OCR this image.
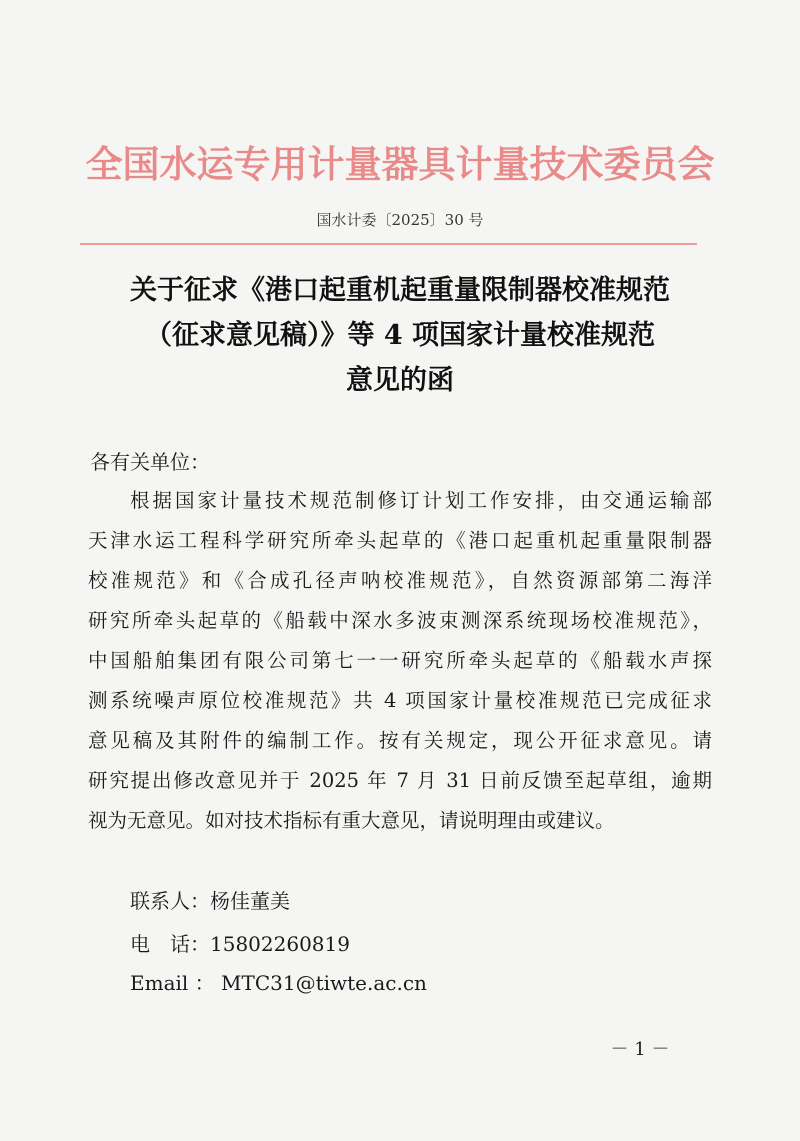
全国水运专用计量器具计量技术委员会
国水计委〔2025〕30 号
关于征求《港口起重机起重量限制器校准规范
（征求意见稿）》等 4 项国家计量校准规范
意见的函
各有关单位：
根据国家计量技术规范制修订计划工作安排，由交通运输部
天津水运工程科学研究所牵头起草的《港口起重机起重量限制器
校准规范》和《合成孔径声呐校准规范》，自然资源部第二海洋
研究所牵头起草的《船载中深水多波束测深系统现场校准规范》，
中国船舶集团有限公司第七一一研究所牵头起草的《船载水声探
测系统噪声原位校准规范》共 4 项国家计量校准规范已完成征求
意见稿及其附件的编制工作。按有关规定，现公开征求意见。请
研究提出修改意见并于 2025 年 7 月 31 日前反馈至起草组，逾期
视为无意见。如对技术指标有重大意见，请说明理由或建议。
联系人：杨佳董美
电　话：15802260819
Email ： MTC31@tiwte.ac.cn
－ 1 －
